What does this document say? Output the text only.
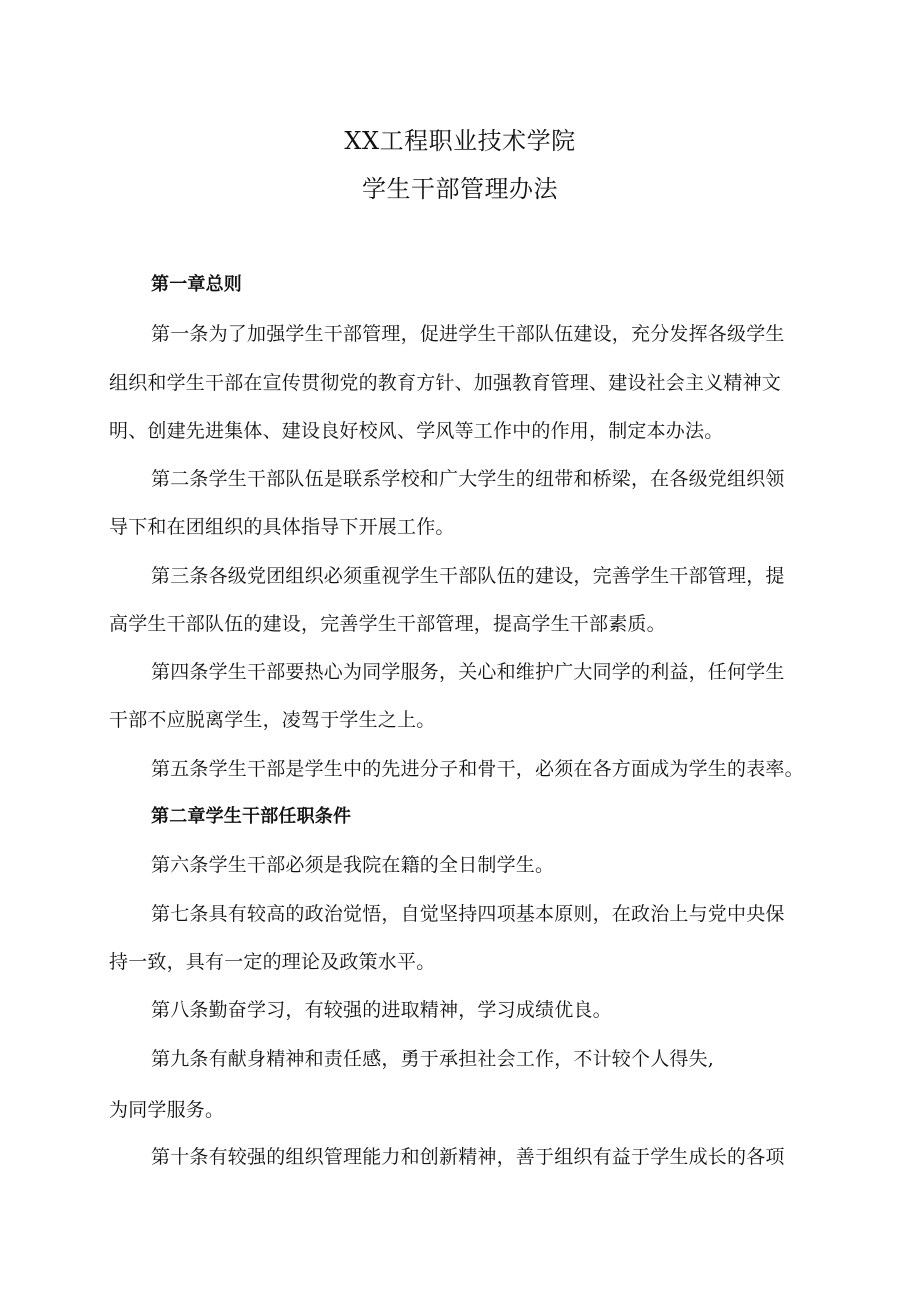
XX工程职业技术学院
学生干部管理办法
第一章总则
第一条为了加强学生干部管理，促进学生干部队伍建设，充分发挥各级学生
组织和学生干部在宣传贯彻党的教育方针、加强教育管理、建设社会主义精神文
明、创建先进集体、建设良好校风、学风等工作中的作用，制定本办法。
第二条学生干部队伍是联系学校和广大学生的纽带和桥梁，在各级党组织领
导下和在团组织的具体指导下开展工作。
第三条各级党团组织必须重视学生干部队伍的建设，完善学生干部管理，提
高学生干部队伍的建设，完善学生干部管理，提高学生干部素质。
第四条学生干部要热心为同学服务，关心和维护广大同学的利益，任何学生
干部不应脱离学生，凌驾于学生之上。
第五条学生干部是学生中的先进分子和骨干，必须在各方面成为学生的表率。
第二章学生干部任职条件
第六条学生干部必须是我院在籍的全日制学生。
第七条具有较高的政治觉悟，自觉坚持四项基本原则，在政治上与党中央保
持一致，具有一定的理论及政策水平。
第八条勤奋学习，有较强的进取精神，学习成绩优良。
第九条有献身精神和责任感，勇于承担社会工作，不计较个人得失,
为同学服务。
第十条有较强的组织管理能力和创新精神，善于组织有益于学生成长的各项
